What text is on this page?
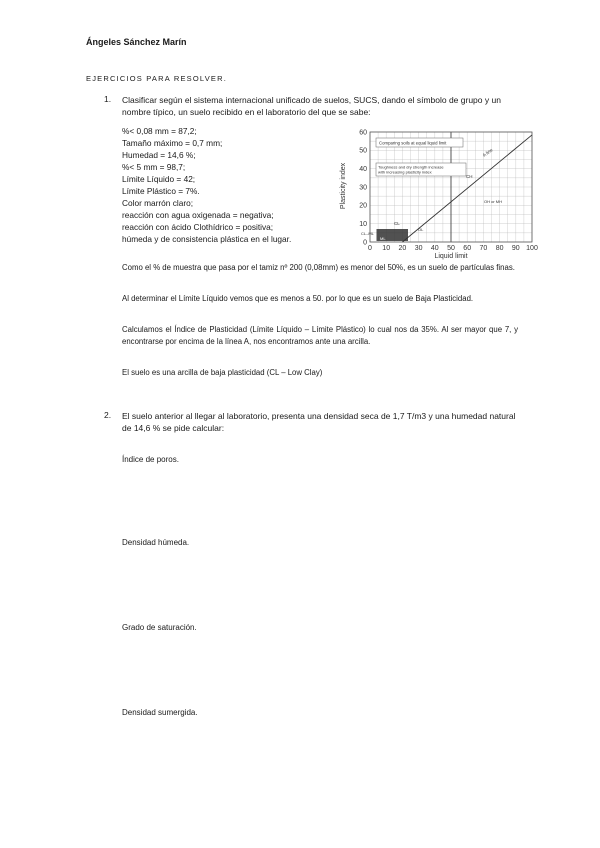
Ángeles Sánchez Marín
EJERCICIOS PARA RESOLVER.
1. Clasificar según el sistema internacional unificado de suelos, SUCS, dando el símbolo de grupo y un nombre típico, un suelo recibido en el laboratorio del que se sabe:
%< 0,08 mm = 87,2;
Tamaño máximo = 0,7 mm;
Humedad = 14,6 %;
%< 5 mm = 98,7;
Límite Líquido = 42;
Límite Plástico = 7%.
Color marrón claro;
reacción con agua oxigenada = negativa;
reacción con ácido Clothídrico = positiva;
húmeda y de consistencia plástica en el lugar.
Comparing soils at equal liquid limit
Toughness and dry strength increase with increasing plasticity index
A line
CH
OH or MH
CL
CL–ML
ML
OL
0 10 20 30 40 50 60 70 80 90 100
0
10
20
30
40
50
60
Liquid limit
Plasticity index
Como el % de muestra que pasa por el tamiz nº 200 (0,08mm) es menor del 50%, es un suelo de partículas finas.
Al determinar el Límite Líquido vemos que es menos a 50. por lo que es un suelo de Baja Plasticidad.
Calculamos el Índice de Plasticidad (Límite Líquido – Límite Plástico) lo cual nos da 35%. Al ser mayor que 7, y encontrarse por encima de la línea A, nos encontramos ante una arcilla.
El suelo es una arcilla de baja plasticidad (CL – Low Clay)
2. El suelo anterior al llegar al laboratorio, presenta una densidad seca de 1,7 T/m3 y una humedad natural de 14,6 % se pide calcular:
Índice de poros.
Densidad húmeda.
Grado de saturación.
Densidad sumergida.
